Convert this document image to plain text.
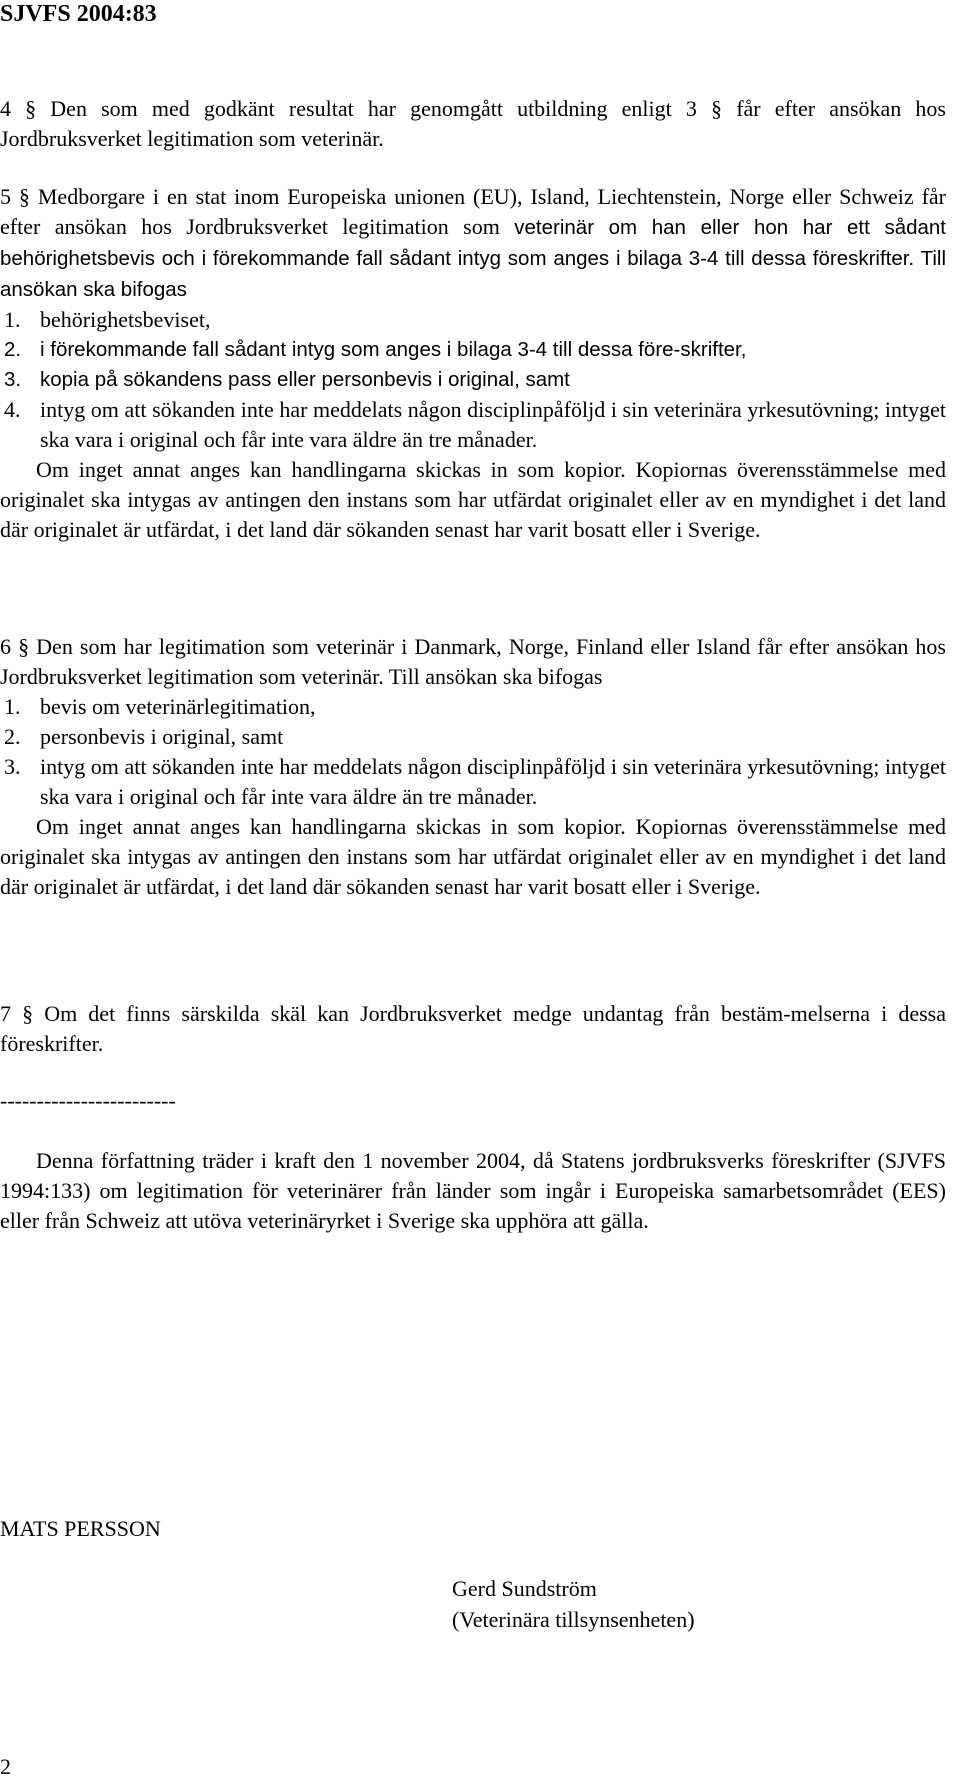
SJVFS 2004:83

4 § Den som med godkänt resultat har genomgått utbildning enligt 3 § får efter ansökan hos Jordbruksverket legitimation som veterinär.

5 § Medborgare i en stat inom Europeiska unionen (EU), Island, Liechtenstein, Norge eller Schweiz får efter ansökan hos Jordbruksverket legitimation som veterinär om han eller hon har ett sådant behörighetsbevis och i förekommande fall sådant intyg som anges i bilaga 3-4 till dessa föreskrifter. Till ansökan ska bifogas

1. behörighetsbeviset,
2. i förekommande fall sådant intyg som anges i bilaga 3-4 till dessa före-skrifter,
3. kopia på sökandens pass eller personbevis i original, samt
4. intyg om att sökanden inte har meddelats någon disciplinpåföljd i sin veterinära yrkesutövning; intyget ska vara i original och får inte vara äldre än tre månader.

Om inget annat anges kan handlingarna skickas in som kopior. Kopiornas överensstämmelse med originalet ska intygas av antingen den instans som har utfärdat originalet eller av en myndighet i det land där originalet är utfärdat, i det land där sökanden senast har varit bosatt eller i Sverige.

6 § Den som har legitimation som veterinär i Danmark, Norge, Finland eller Island får efter ansökan hos Jordbruksverket legitimation som veterinär. Till ansökan ska bifogas

1. bevis om veterinärlegitimation,
2. personbevis i original, samt
3. intyg om att sökanden inte har meddelats någon disciplinpåföljd i sin veterinära yrkesutövning; intyget ska vara i original och får inte vara äldre än tre månader.

Om inget annat anges kan handlingarna skickas in som kopior. Kopiornas överensstämmelse med originalet ska intygas av antingen den instans som har utfärdat originalet eller av en myndighet i det land där originalet är utfärdat, i det land där sökanden senast har varit bosatt eller i Sverige.

7 § Om det finns särskilda skäl kan Jordbruksverket medge undantag från bestäm-melserna i dessa föreskrifter.

------------------------

Denna författning träder i kraft den 1 november 2004, då Statens jordbruksverks föreskrifter (SJVFS 1994:133) om legitimation för veterinärer från länder som ingår i Europeiska samarbetsområdet (EES) eller från Schweiz att utöva veterinäryrket i Sverige ska upphöra att gälla.

MATS PERSSON
Gerd Sundström
(Veterinära tillsynsenheten)
2
